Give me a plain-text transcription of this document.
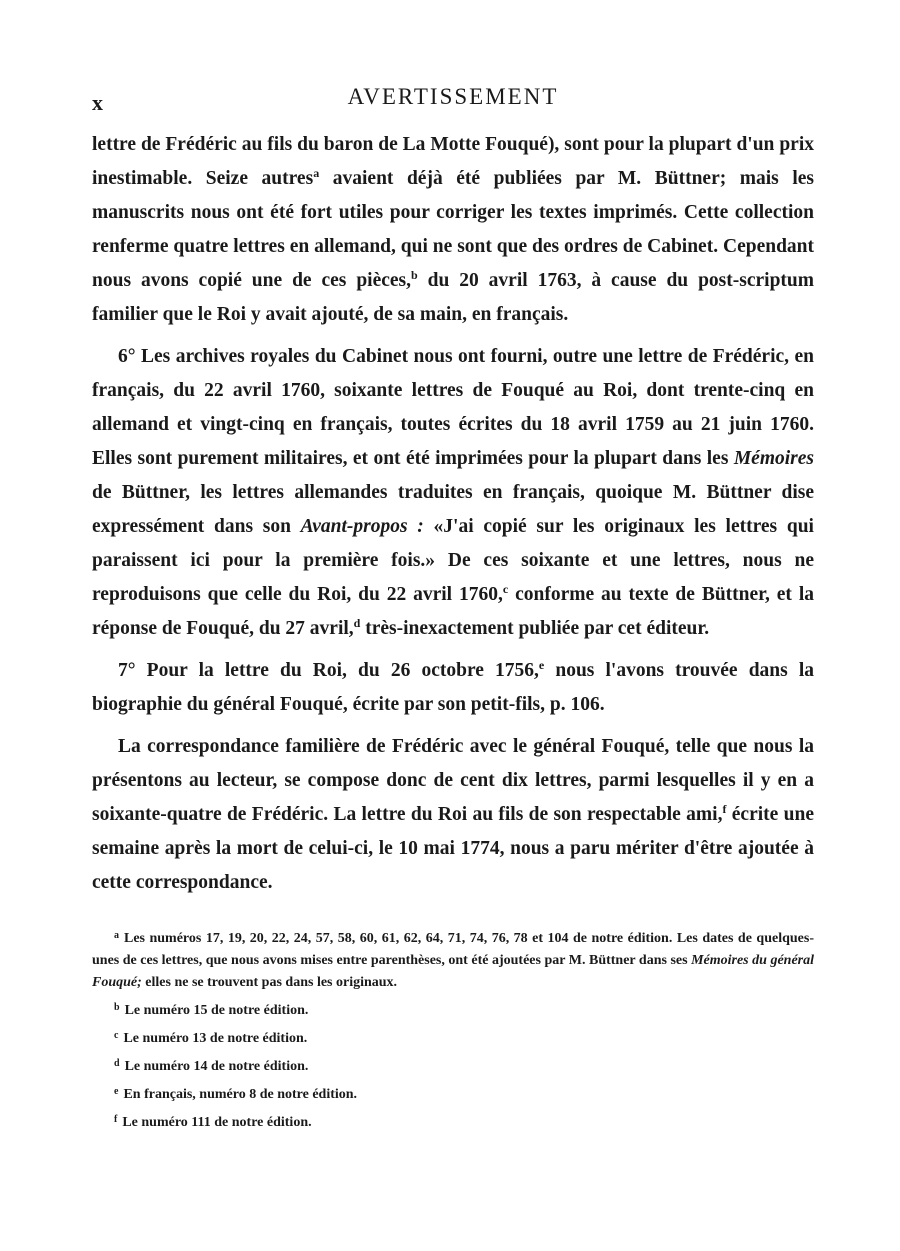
x	AVERTISSEMENT

lettre de Frédéric au fils du baron de La Motte Fouqué), sont pour la plupart d'un prix inestimable. Seize autres$^a$ avaient déjà été publiées par M. Büttner; mais les manuscrits nous ont été fort utiles pour corriger les textes imprimés. Cette collection renferme quatre lettres en allemand, qui ne sont que des ordres de Cabinet. Cependant nous avons copié une de ces pièces,$^b$ du 20 avril 1763, à cause du post-scriptum familier que le Roi y avait ajouté, de sa main, en français.

6° Les archives royales du Cabinet nous ont fourni, outre une lettre de Frédéric, en français, du 22 avril 1760, soixante lettres de Fouqué au Roi, dont trente-cinq en allemand et vingt-cinq en français, toutes écrites du 18 avril 1759 au 21 juin 1760. Elles sont purement militaires, et ont été imprimées pour la plupart dans les Mémoires de Büttner, les lettres allemandes traduites en français, quoique M. Büttner dise expressément dans son Avant-propos : «J'ai copié sur les originaux les lettres qui paraissent ici pour la première fois.» De ces soixante et une lettres, nous ne reproduisons que celle du Roi, du 22 avril 1760,$^c$ conforme au texte de Büttner, et la réponse de Fouqué, du 27 avril,$^d$ très-inexactement publiée par cet éditeur.

7° Pour la lettre du Roi, du 26 octobre 1756,$^e$ nous l'avons trouvée dans la biographie du général Fouqué, écrite par son petit-fils, p. 106.

La correspondance familière de Frédéric avec le général Fouqué, telle que nous la présentons au lecteur, se compose donc de cent dix lettres, parmi lesquelles il y en a soixante-quatre de Frédéric. La lettre du Roi au fils de son respectable ami,$^f$ écrite une semaine après la mort de celui-ci, le 10 mai 1774, nous a paru mériter d'être ajoutée à cette correspondance.

$^a$ Les numéros 17, 19, 20, 22, 24, 57, 58, 60, 61, 62, 64, 71, 74, 76, 78 et 104 de notre édition. Les dates de quelques-unes de ces lettres, que nous avons mises entre parenthèses, ont été ajoutées par M. Büttner dans ses Mémoires du général Fouqué; elles ne se trouvent pas dans les originaux.

$^b$ Le numéro 15 de notre édition.

$^c$ Le numéro 13 de notre édition.

$^d$ Le numéro 14 de notre édition.

$^e$ En français, numéro 8 de notre édition.

$^f$ Le numéro 111 de notre édition.
